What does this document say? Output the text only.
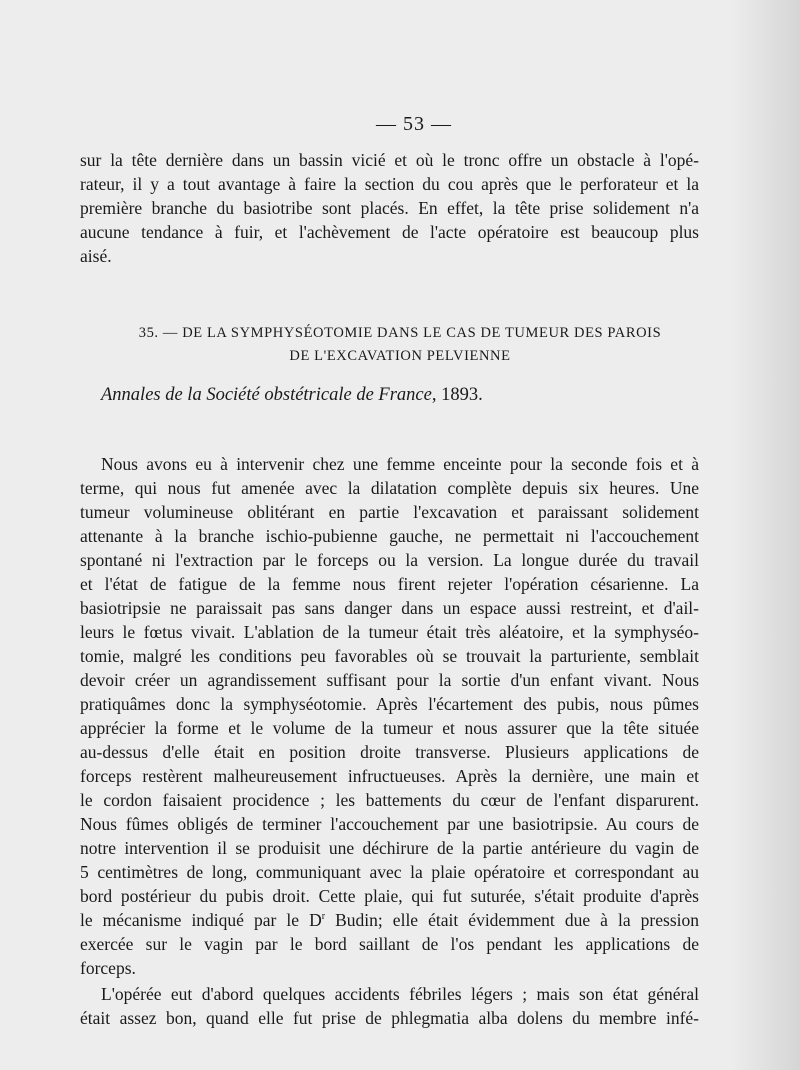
— 53 —
sur la tête dernière dans un bassin vicié et où le tronc offre un obstacle à l'opé-
rateur, il y a tout avantage à faire la section du cou après que le perforateur et la
première branche du basiotribe sont placés. En effet, la tête prise solidement n'a
aucune tendance à fuir, et l'achèvement de l'acte opératoire est beaucoup plus
aisé.
35. — DE LA SYMPHYSÉOTOMIE DANS LE CAS DE TUMEUR DES PAROIS
DE L'EXCAVATION PELVIENNE
Annales de la Société obstétricale de France, 1893.
Nous avons eu à intervenir chez une femme enceinte pour la seconde fois et à
terme, qui nous fut amenée avec la dilatation complète depuis six heures. Une
tumeur volumineuse oblitérant en partie l'excavation et paraissant solidement
attenante à la branche ischio-pubienne gauche, ne permettait ni l'accouchement
spontané ni l'extraction par le forceps ou la version. La longue durée du travail
et l'état de fatigue de la femme nous firent rejeter l'opération césarienne. La
basiotripsie ne paraissait pas sans danger dans un espace aussi restreint, et d'ail-
leurs le fœtus vivait. L'ablation de la tumeur était très aléatoire, et la symphyséo-
tomie, malgré les conditions peu favorables où se trouvait la parturiente, semblait
devoir créer un agrandissement suffisant pour la sortie d'un enfant vivant. Nous
pratiquâmes donc la symphyséotomie. Après l'écartement des pubis, nous pûmes
apprécier la forme et le volume de la tumeur et nous assurer que la tête située
au-dessus d'elle était en position droite transverse. Plusieurs applications de
forceps restèrent malheureusement infructueuses. Après la dernière, une main et
le cordon faisaient procidence ; les battements du cœur de l'enfant disparurent.
Nous fûmes obligés de terminer l'accouchement par une basiotripsie. Au cours de
notre intervention il se produisit une déchirure de la partie antérieure du vagin de
5 centimètres de long, communiquant avec la plaie opératoire et correspondant au
bord postérieur du pubis droit. Cette plaie, qui fut suturée, s'était produite d'après
le mécanisme indiqué par le $D^r$ Budin; elle était évidemment due à la pression
exercée sur le vagin par le bord saillant de l'os pendant les applications de
forceps.
L'opérée eut d'abord quelques accidents fébriles légers ; mais son état général
était assez bon, quand elle fut prise de phlegmatia alba dolens du membre infé-
